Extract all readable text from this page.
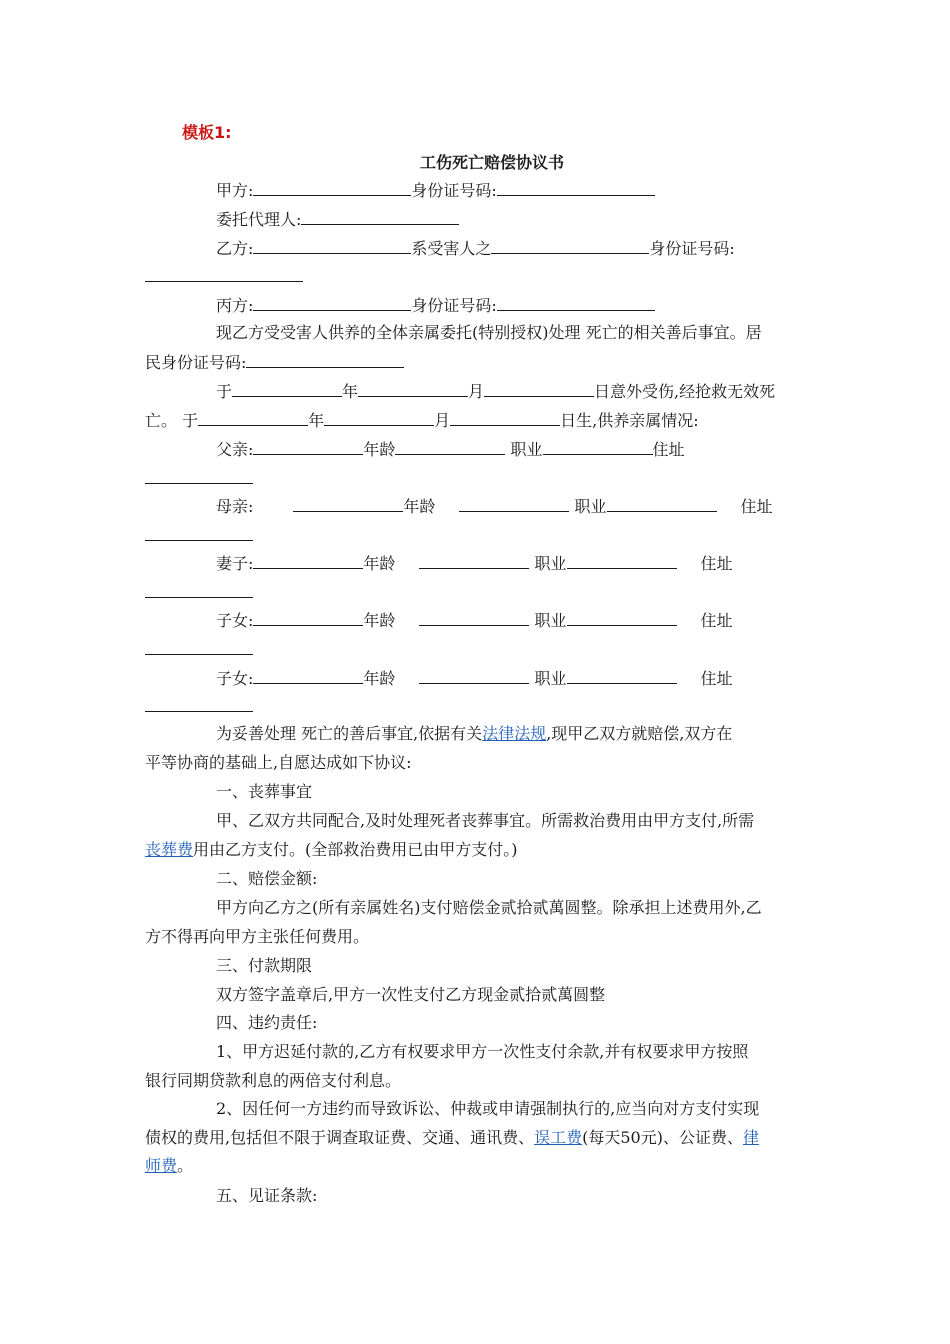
模板1:
工伤死亡赔偿协议书
甲方:	身份证号码:
委托代理人:
乙方:	系受害人之	身份证号码:
丙方:	身份证号码:
现乙方受受害人供养的全体亲属委托(特别授权)处理 死亡的相关善后事宜。居
民身份证号码:
于	年	月	日意外受伤,经抢救无效死
亡。 于	年	月	日生,供养亲属情况:
父亲:	年龄	职业	住址
母亲:	年龄	职业	住址
妻子:	年龄	职业	住址
子女:	年龄	职业	住址
子女:	年龄	职业	住址
为妥善处理 死亡的善后事宜,依据有关法律法规,现甲乙双方就赔偿,双方在
平等协商的基础上,自愿达成如下协议:
一、丧葬事宜
甲、乙双方共同配合,及时处理死者丧葬事宜。所需救治费用由甲方支付,所需
丧葬费用由乙方支付。(全部救治费用已由甲方支付。)
二、赔偿金额:
甲方向乙方之(所有亲属姓名)支付赔偿金贰拾贰萬圆整。除承担上述费用外,乙
方不得再向甲方主张任何费用。
三、付款期限
双方签字盖章后,甲方一次性支付乙方现金贰拾贰萬圆整
四、违约责任:
1、甲方迟延付款的,乙方有权要求甲方一次性支付余款,并有权要求甲方按照
银行同期贷款利息的两倍支付利息。
2、因任何一方违约而导致诉讼、仲裁或申请强制执行的,应当向对方支付实现
债权的费用,包括但不限于调查取证费、交通、通讯费、误工费(每天50元)、公证费、律
师费。
五、见证条款:
